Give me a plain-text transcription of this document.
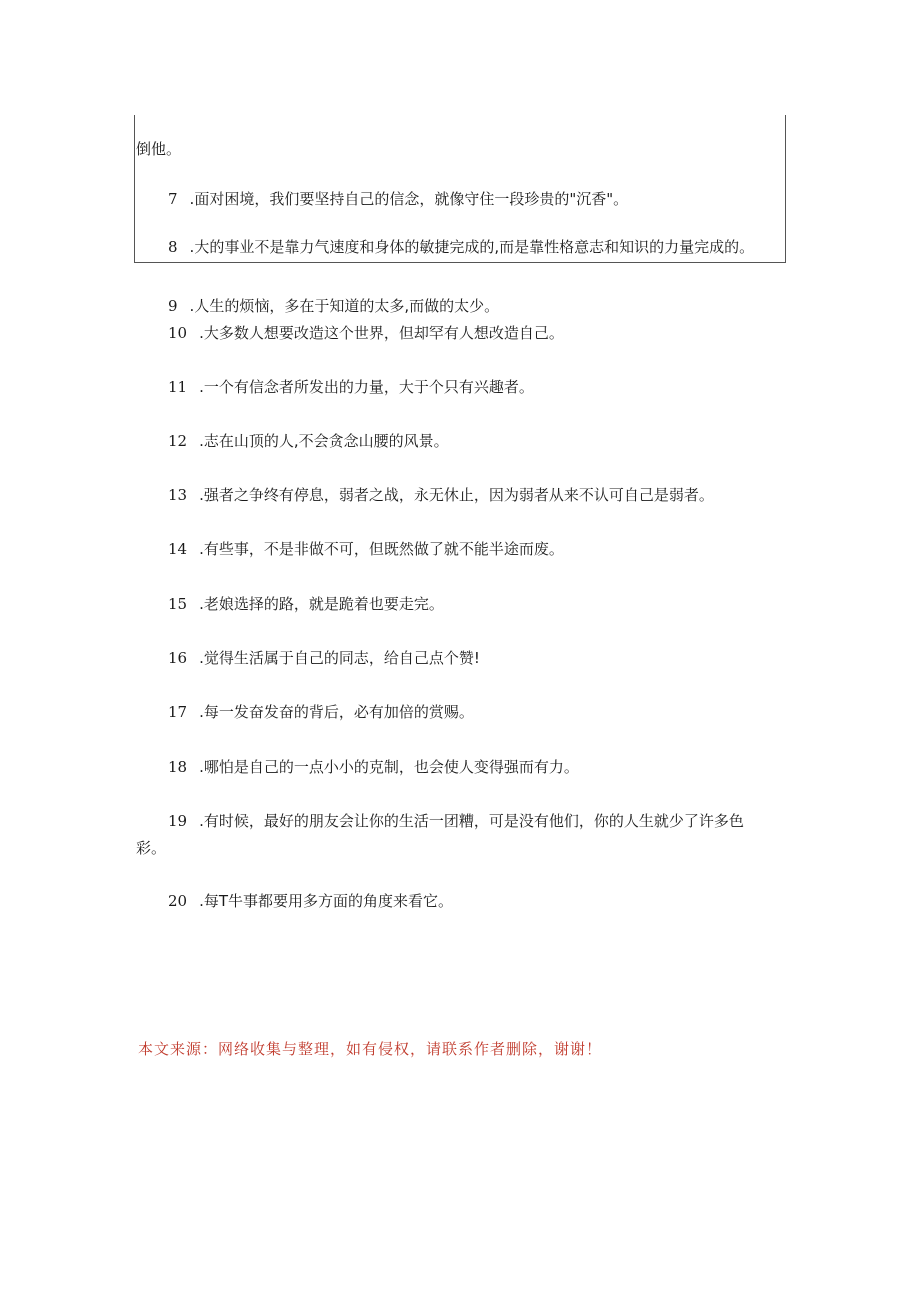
倒他。
7 .面对困境，我们要坚持自己的信念，就像守住一段珍贵的"沉香"。
8 .大的事业不是靠力气速度和身体的敏捷完成的,而是靠性格意志和知识的力量完成的。
9 .人生的烦恼，多在于知道的太多,而做的太少。
10 .大多数人想要改造这个世界，但却罕有人想改造自己。
11 .一个有信念者所发出的力量，大于个只有兴趣者。
12 .志在山顶的人,不会贪念山腰的风景。
13 .强者之争终有停息，弱者之战，永无休止，因为弱者从来不认可自己是弱者。
14 .有些事，不是非做不可，但既然做了就不能半途而废。
15 .老娘选择的路，就是跪着也要走完。
16 .觉得生活属于自己的同志，给自己点个赞!
17 .每一发奋发奋的背后，必有加倍的赏赐。
18 .哪怕是自己的一点小小的克制，也会使人变得强而有力。
19 .有时候，最好的朋友会让你的生活一团糟，可是没有他们，你的人生就少了许多色
彩。
20 .每T牛事都要用多方面的角度来看它。
本文来源：网络收集与整理，如有侵权，请联系作者删除，谢谢！
